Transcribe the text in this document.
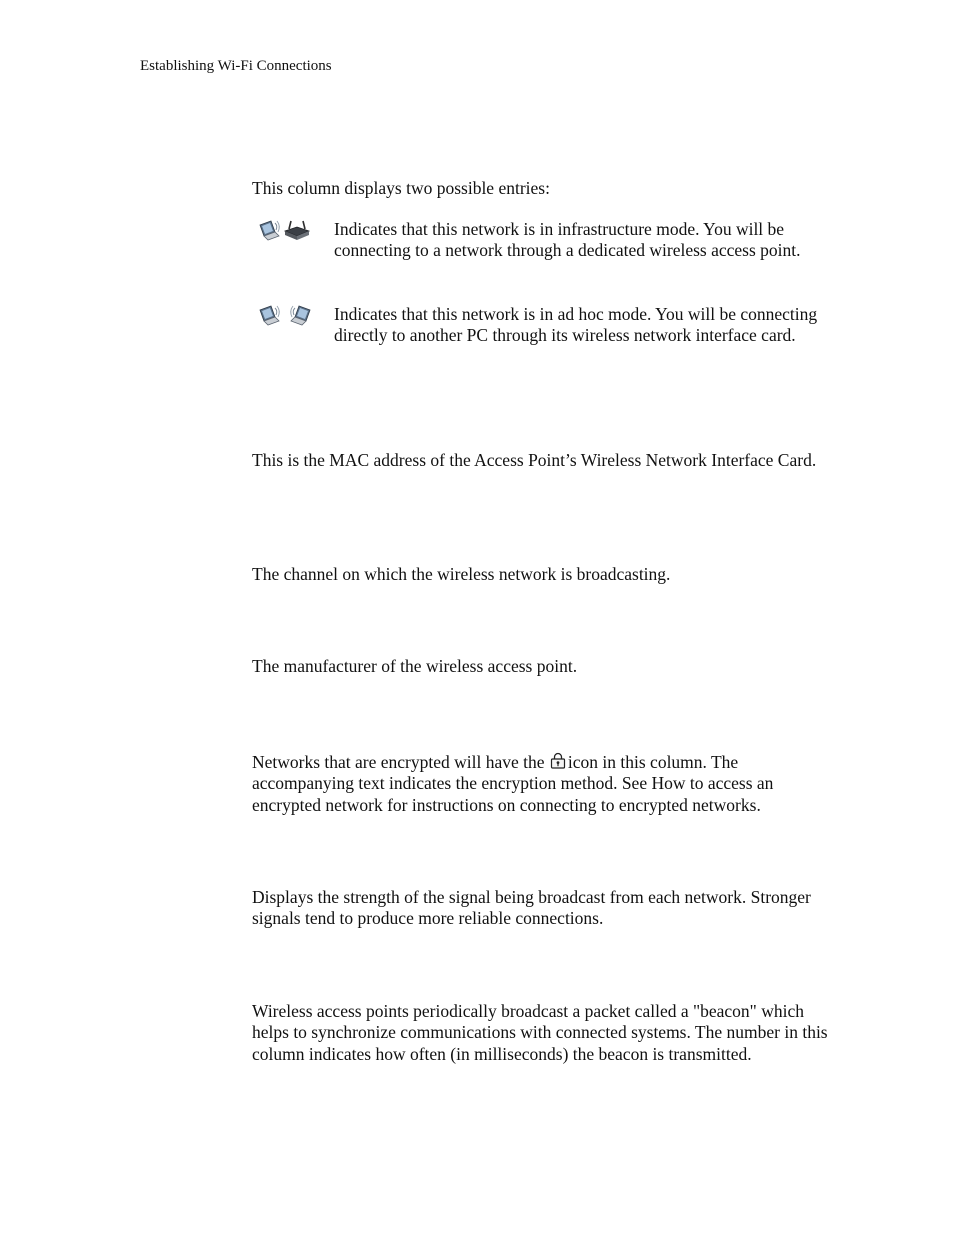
Establishing Wi-Fi Connections
This column displays two possible entries:
Indicates that this network is in infrastructure mode. You will be connecting to a network through a dedicated wireless access point.
Indicates that this network is in ad hoc mode. You will be connecting directly to another PC through its wireless network interface card.
This is the MAC address of the Access Point’s Wireless Network Interface Card.
The channel on which the wireless network is broadcasting.
The manufacturer of the wireless access point.
Networks that are encrypted will have the icon in this column. The accompanying text indicates the encryption method. See How to access an encrypted network for instructions on connecting to encrypted networks.
Displays the strength of the signal being broadcast from each network. Stronger signals tend to produce more reliable connections.
Wireless access points periodically broadcast a packet called a "beacon" which helps to synchronize communications with connected systems. The number in this column indicates how often (in milliseconds) the beacon is transmitted.
